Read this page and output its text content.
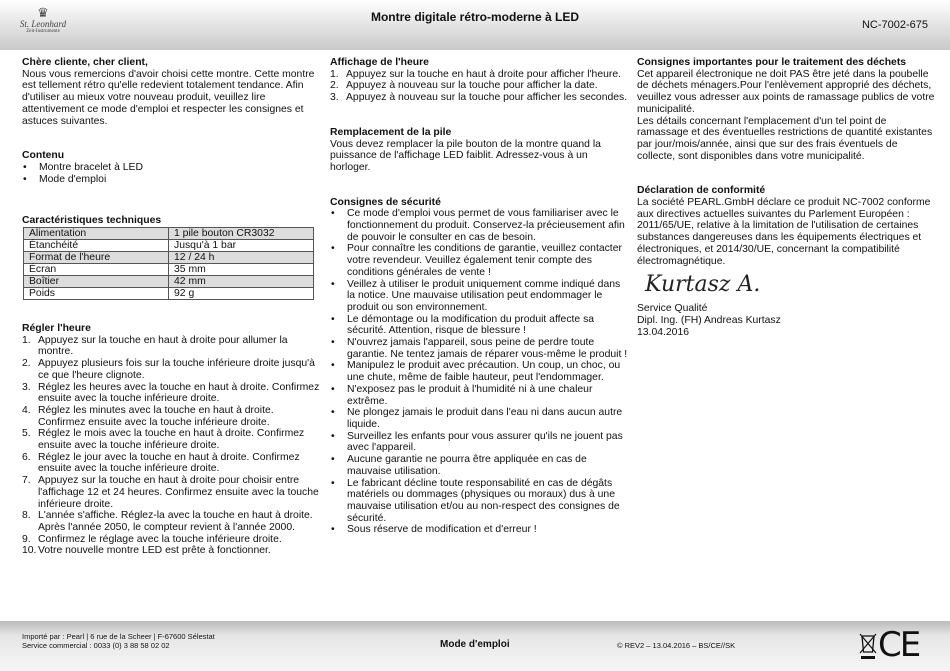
♛
St. Leonhard
Zeit-Instrumente
Montre digitale rétro-moderne à LED
NC-7002-675
Chère cliente, cher client,

Nous vous remercions d'avoir choisi cette montre. Cette montre est tellement rétro qu'elle redevient totalement tendance. Afin d'utiliser au mieux votre nouveau produit, veuillez lire attentivement ce mode d'emploi et respecter les consignes et astuces suivantes.

Contenu
• Montre bracelet à LED
• Mode d'emploi
Caractéristiques techniques
Alimentation	1 pile bouton CR3032
Étanchéité	Jusqu'à 1 bar
Format de l'heure	12 / 24 h
Écran	35 mm
Boîtier	42 mm
Poids	92 g
Régler l'heure
1. Appuyez sur la touche en haut à droite pour allumer la montre.
2. Appuyez plusieurs fois sur la touche inférieure droite jusqu'à ce que l'heure clignote.
3. Réglez les heures avec la touche en haut à droite. Confirmez ensuite avec la touche inférieure droite.
4. Réglez les minutes avec la touche en haut à droite. Confirmez ensuite avec la touche inférieure droite.
5. Réglez le mois avec la touche en haut à droite. Confirmez ensuite avec la touche inférieure droite.
6. Réglez le jour avec la touche en haut à droite. Confirmez ensuite avec la touche inférieure droite.
7. Appuyez sur la touche en haut à droite pour choisir entre l'affichage 12 et 24 heures. Confirmez ensuite avec la touche inférieure droite.
8. L'année s'affiche. Réglez-la avec la touche en haut à droite. Après l'année 2050, le compteur revient à l'année 2000.
9. Confirmez le réglage avec la touche inférieure droite.
10. Votre nouvelle montre LED est prête à fonctionner.
Affichage de l'heure
1. Appuyez sur la touche en haut à droite pour afficher l'heure.
2. Appuyez à nouveau sur la touche pour afficher la date.
3. Appuyez à nouveau sur la touche pour afficher les secondes.
Remplacement de la pile

Vous devez remplacer la pile bouton de la montre quand la puissance de l'affichage LED faiblit. Adressez-vous à un horloger.

Consignes de sécurité
• Ce mode d'emploi vous permet de vous familiariser avec le fonctionnement du produit. Conservez-la précieusement afin de pouvoir le consulter en cas de besoin.
• Pour connaître les conditions de garantie, veuillez contacter votre revendeur. Veuillez également tenir compte des conditions générales de vente !
• Veillez à utiliser le produit uniquement comme indiqué dans la notice. Une mauvaise utilisation peut endommager le produit ou son environnement.
• Le démontage ou la modification du produit affecte sa sécurité. Attention, risque de blessure !
• N'ouvrez jamais l'appareil, sous peine de perdre toute garantie. Ne tentez jamais de réparer vous-même le produit !
• Manipulez le produit avec précaution. Un coup, un choc, ou une chute, même de faible hauteur, peut l'endommager.
• N'exposez pas le produit à l'humidité ni à une chaleur extrême.
• Ne plongez jamais le produit dans l'eau ni dans aucun autre liquide.
• Surveillez les enfants pour vous assurer qu'ils ne jouent pas avec l'appareil.
• Aucune garantie ne pourra être appliquée en cas de mauvaise utilisation.
• Le fabricant décline toute responsabilité en cas de dégâts matériels ou dommages (physiques ou moraux) dus à une mauvaise utilisation et/ou au non-respect des consignes de sécurité.
• Sous réserve de modification et d'erreur !
Consignes importantes pour le traitement des déchets

Cet appareil électronique ne doit PAS être jeté dans la poubelle de déchets ménagers.Pour l'enlèvement approprié des déchets, veuillez vous adresser aux points de ramassage publics de votre municipalité.

Les détails concernant l'emplacement d'un tel point de ramassage et des éventuelles restrictions de quantité existantes par jour/mois/année, ainsi que sur des frais éventuels de collecte, sont disponibles dans votre municipalité.

Déclaration de conformité

La société PEARL.GmbH déclare ce produit NC-7002 conforme aux directives actuelles suivantes du Parlement Européen : 2011/65/UE, relative à la limitation de l'utilisation de certaines substances dangereuses dans les équipements électriques et électroniques, et 2014/30/UE, concernant la compatibilité électromagnétique.

Kurtasz A.
Service Qualité
Dipl. Ing. (FH) Andreas Kurtasz
13.04.2016
Importé par : Pearl | 6 rue de la Scheer | F-67600 Sélestat
Service commercial : 0033 (0) 3 88 58 02 02	Mode d'emploi	© REV2 – 13.04.2016 – BS/CE//SK	CE
